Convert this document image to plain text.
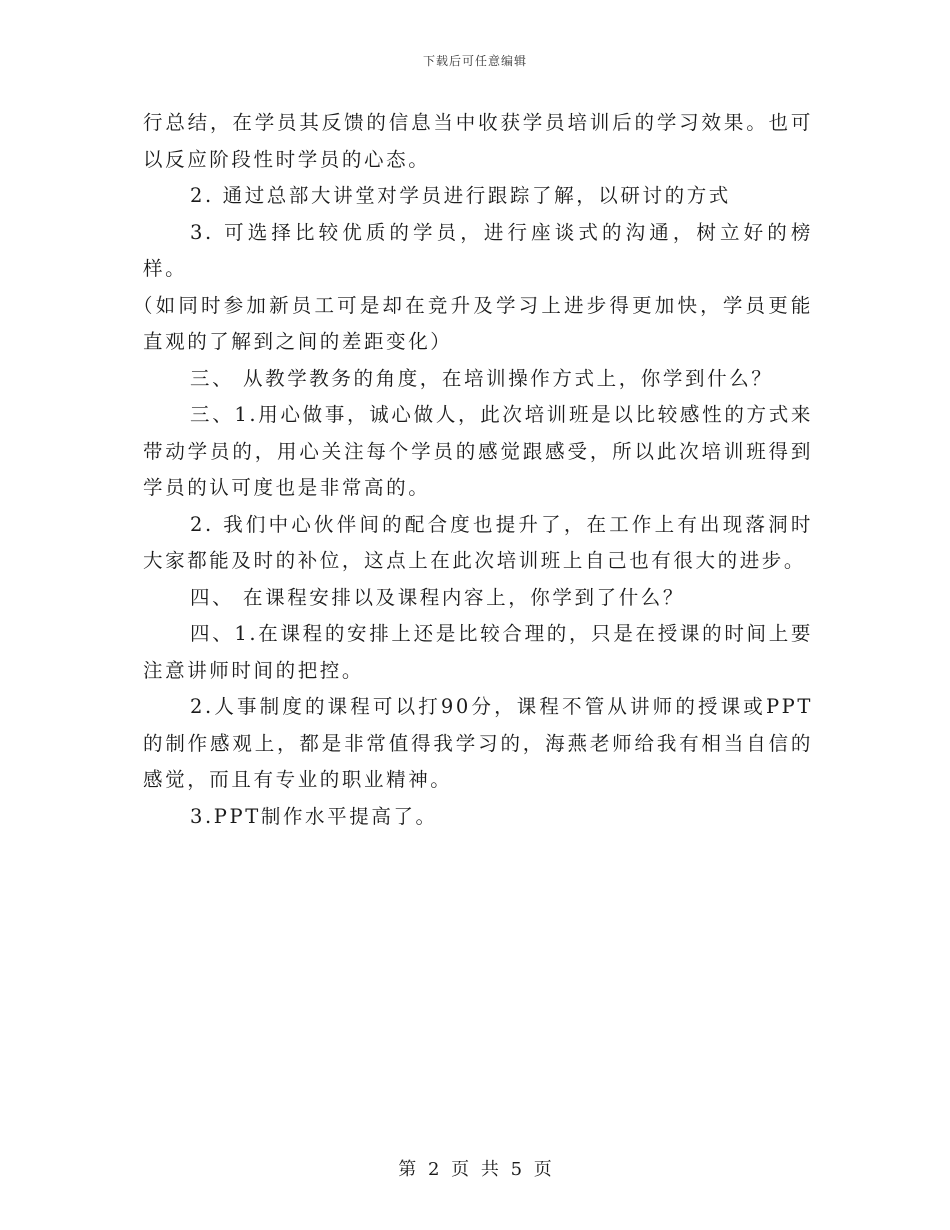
下载后可任意编辑

行总结，在学员其反馈的信息当中收获学员培训后的学习效果。也可以反应阶段性时学员的心态。

2. 通过总部大讲堂对学员进行跟踪了解，以研讨的方式

3. 可选择比较优质的学员，进行座谈式的沟通，树立好的榜样。

（如同时参加新员工可是却在竞升及学习上进步得更加快，学员更能直观的了解到之间的差距变化）

三、 从教学教务的角度，在培训操作方式上，你学到什么？

三、1.用心做事，诚心做人，此次培训班是以比较感性的方式来带动学员的，用心关注每个学员的感觉跟感受，所以此次培训班得到学员的认可度也是非常高的。

2. 我们中心伙伴间的配合度也提升了，在工作上有出现落洞时大家都能及时的补位，这点上在此次培训班上自己也有很大的进步。

四、 在课程安排以及课程内容上，你学到了什么？

四、1.在课程的安排上还是比较合理的，只是在授课的时间上要注意讲师时间的把控。

2.人事制度的课程可以打90分，课程不管从讲师的授课或PPT的制作感观上，都是非常值得我学习的，海燕老师给我有相当自信的感觉，而且有专业的职业精神。

3.PPT制作水平提高了。

第 2 页 共 5 页
